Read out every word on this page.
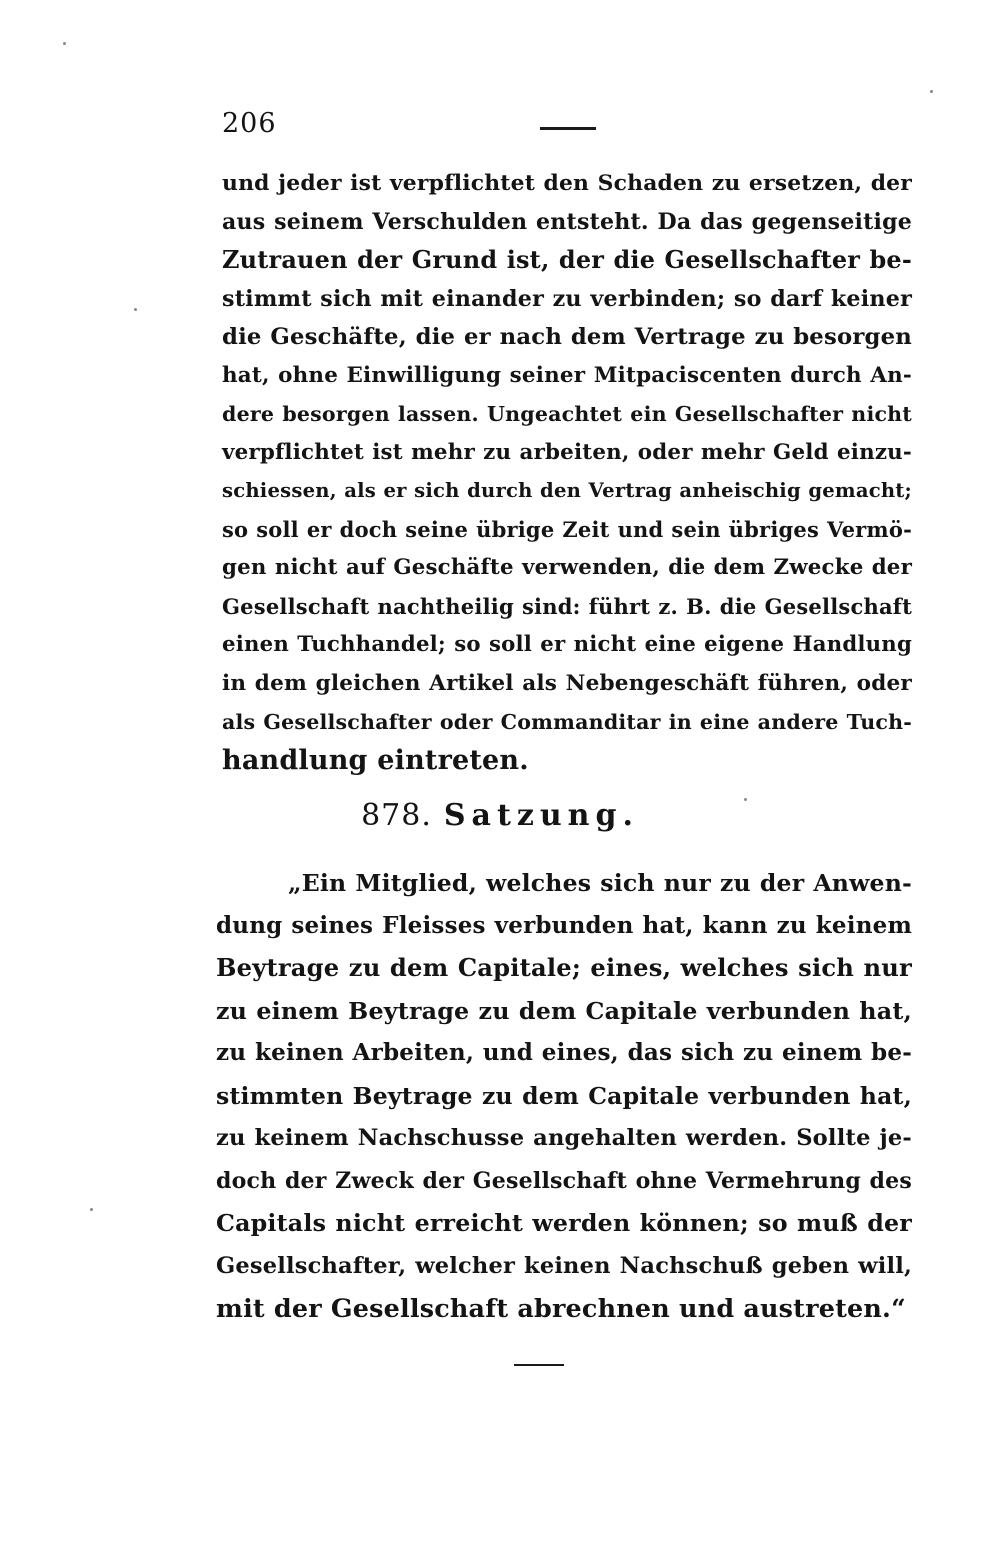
206
und jeder ist verpflichtet den Schaden zu ersetzen, der
aus seinem Verschulden entsteht. Da das gegenseitige
Zutrauen der Grund ist, der die Gesellschafter be-
stimmt sich mit einander zu verbinden; so darf keiner
die Geschäfte, die er nach dem Vertrage zu besorgen
hat, ohne Einwilligung seiner Mitpaciscenten durch An-
dere besorgen lassen. Ungeachtet ein Gesellschafter nicht
verpflichtet ist mehr zu arbeiten, oder mehr Geld einzu-
schiessen, als er sich durch den Vertrag anheischig gemacht;
so soll er doch seine übrige Zeit und sein übriges Vermö-
gen nicht auf Geschäfte verwenden, die dem Zwecke der
Gesellschaft nachtheilig sind: führt z. B. die Gesellschaft
einen Tuchhandel; so soll er nicht eine eigene Handlung
in dem gleichen Artikel als Nebengeschäft führen, oder
als Gesellschafter oder Commanditar in eine andere Tuch-
handlung eintreten.
878. Satzung.
„Ein Mitglied, welches sich nur zu der Anwen-
dung seines Fleisses verbunden hat, kann zu keinem
Beytrage zu dem Capitale; eines, welches sich nur
zu einem Beytrage zu dem Capitale verbunden hat,
zu keinen Arbeiten, und eines, das sich zu einem be-
stimmten Beytrage zu dem Capitale verbunden hat,
zu keinem Nachschusse angehalten werden. Sollte je-
doch der Zweck der Gesellschaft ohne Vermehrung des
Capitals nicht erreicht werden können; so muß der
Gesellschafter, welcher keinen Nachschuß geben will,
mit der Gesellschaft abrechnen und austreten.“
